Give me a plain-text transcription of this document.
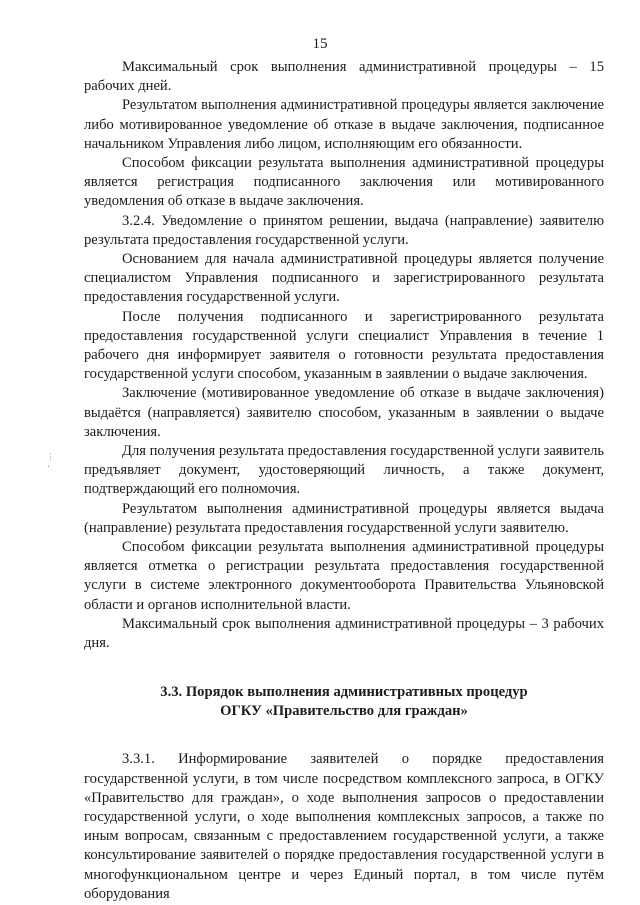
15
- ...

Максимальный срок выполнения административной процедуры – 15 рабочих дней.

Результатом выполнения административной процедуры является заключение либо мотивированное уведомление об отказе в выдаче заключения, подписанное начальником Управления либо лицом, исполняющим его обязанности.

Способом фиксации результата выполнения административной процедуры является регистрация подписанного заключения или мотивированного уведомления об отказе в выдаче заключения.

3.2.4. Уведомление о принятом решении, выдача (направление) заявителю результата предоставления государственной услуги.

Основанием для начала административной процедуры является получение специалистом Управления подписанного и зарегистрированного результата предоставления государственной услуги.

После получения подписанного и зарегистрированного результата предоставления государственной услуги специалист Управления в течение 1 рабочего дня информирует заявителя о готовности результата предоставления государственной услуги способом, указанным в заявлении о выдаче заключения.

Заключение (мотивированное уведомление об отказе в выдаче заключения) выдаётся (направляется) заявителю способом, указанным в заявлении о выдаче заключения.

Для получения результата предоставления государственной услуги заявитель предъявляет документ, удостоверяющий личность, а также документ, подтверждающий его полномочия.

Результатом выполнения административной процедуры является выдача (направление) результата предоставления государственной услуги заявителю.

Способом фиксации результата выполнения административной процедуры является отметка о регистрации результата предоставления государственной услуги в системе электронного документооборота Правительства Ульяновской области и органов исполнительной власти.

Максимальный срок выполнения административной процедуры – 3 рабочих дня.

3.3. Порядок выполнения административных процедур
ОГКУ «Правительство для граждан»

3.3.1. Информирование заявителей о порядке предоставления государственной услуги, в том числе посредством комплексного запроса, в ОГКУ «Правительство для граждан», о ходе выполнения запросов о предоставлении государственной услуги, о ходе выполнения комплексных запросов, а также по иным вопросам, связанным с предоставлением государственной услуги, а также консультирование заявителей о порядке предоставления государственной услуги в многофункциональном центре и через Единый портал, в том числе путём оборудования
